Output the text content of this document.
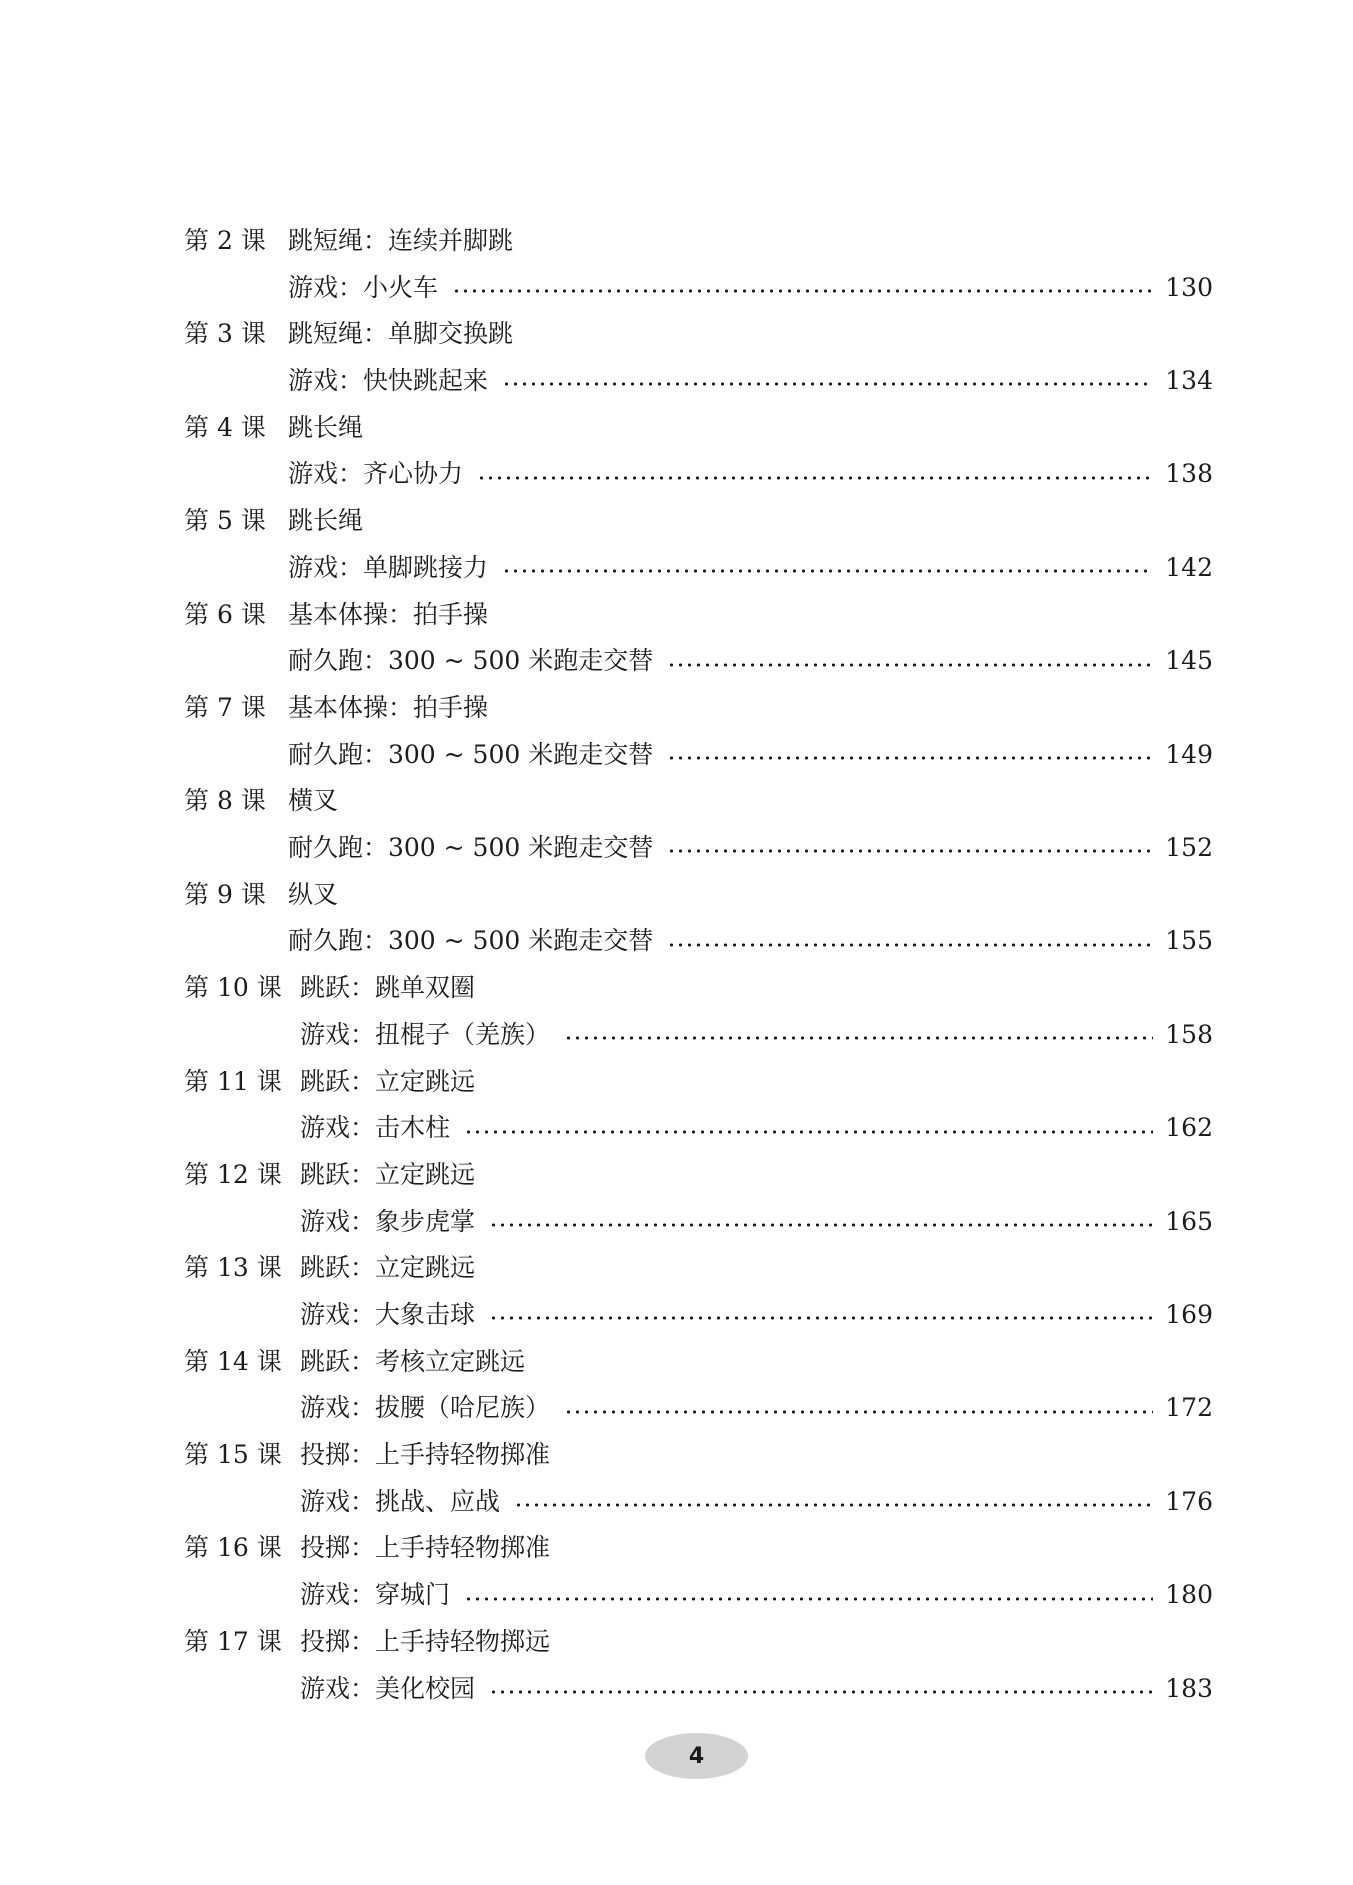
第 2 课 跳短绳：连续并脚跳
游戏：小火车	130
第 3 课 跳短绳：单脚交换跳
游戏：快快跳起来	134
第 4 课 跳长绳
游戏：齐心协力	138
第 5 课 跳长绳
游戏：单脚跳接力	142
第 6 课 基本体操：拍手操
耐久跑：300 ~ 500 米跑走交替	145
第 7 课 基本体操：拍手操
耐久跑：300 ~ 500 米跑走交替	149
第 8 课 横叉
耐久跑：300 ~ 500 米跑走交替	152
第 9 课 纵叉
耐久跑：300 ~ 500 米跑走交替	155
第 10 课 跳跃：跳单双圈
游戏：扭棍子（羌族）	158
第 11 课 跳跃：立定跳远
游戏：击木柱	162
第 12 课 跳跃：立定跳远
游戏：象步虎掌	165
第 13 课 跳跃：立定跳远
游戏：大象击球	169
第 14 课 跳跃：考核立定跳远
游戏：拔腰（哈尼族）	172
第 15 课 投掷：上手持轻物掷准
游戏：挑战、应战	176
第 16 课 投掷：上手持轻物掷准
游戏：穿城门	180
第 17 课 投掷：上手持轻物掷远
游戏：美化校园	183
4
